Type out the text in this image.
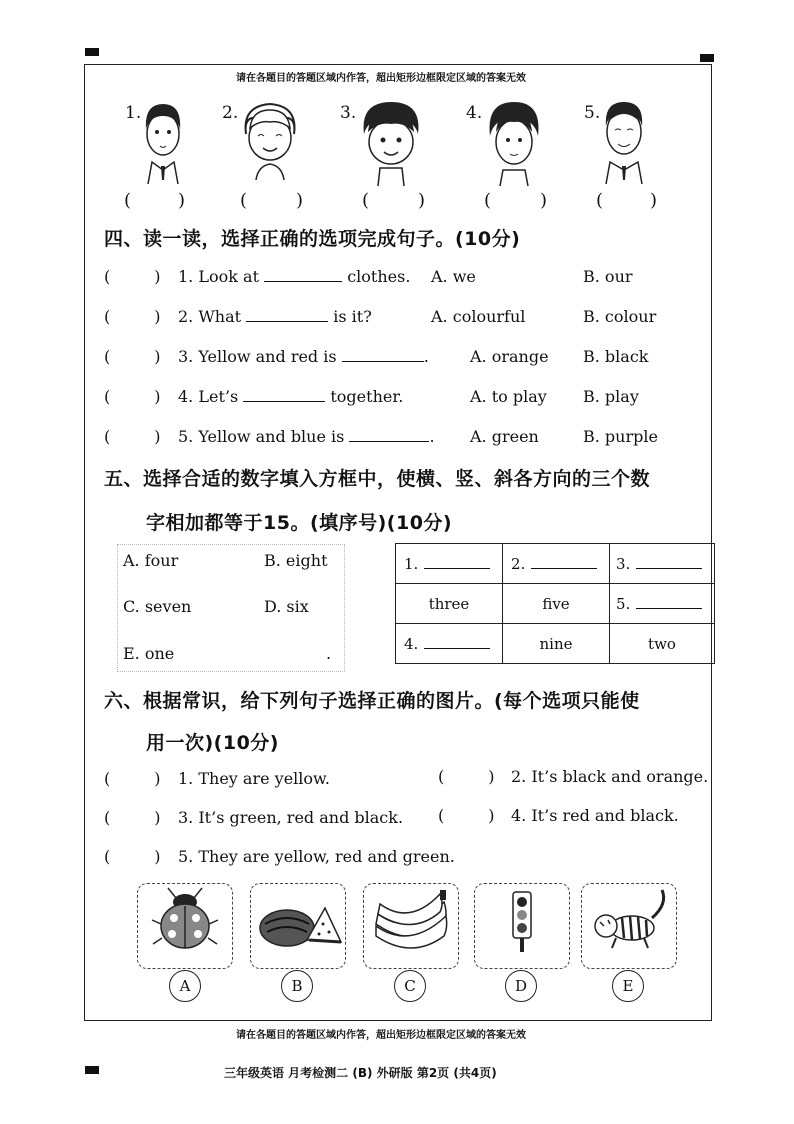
请在各题目的答题区域内作答，超出矩形边框限定区域的答案无效
1.	2.	3.	4.	5.
(	)	(	)	(	)	(	)	(	)
四、读一读，选择正确的选项完成句子。(10分)
(	) 1. Look at	clothes. A. we	B. our
(	) 2. What	is it?	A. colourful	B. colour
(	) 3. Yellow and red is	.	A. orange B. black
(	) 4. Let’s	together.	A. to play B. play
(	) 5. Yellow and blue is	. A. green	B. purple
五、选择合适的数字填入方框中，使横、竖、斜各方向的三个数
字相加都等于15。(填序号)(10分)
A. four	B. eight
C. seven	D. six
E. one	.
1.	2.	3.
three	five	5.
4.	nine	two
六、根据常识，给下列句子选择正确的图片。(每个选项只能使
用一次)(10分)
(	) 1. They are yellow.	(	) 2. It’s black and orange.
(	) 3. It’s green, red and black. (	) 4. It’s red and black.
(	) 5. They are yellow, red and green.
A	B	C	D	E
请在各题目的答题区域内作答，超出矩形边框限定区域的答案无效
三年级英语 月考检测二 (B) 外研版 第2页 (共4页)
